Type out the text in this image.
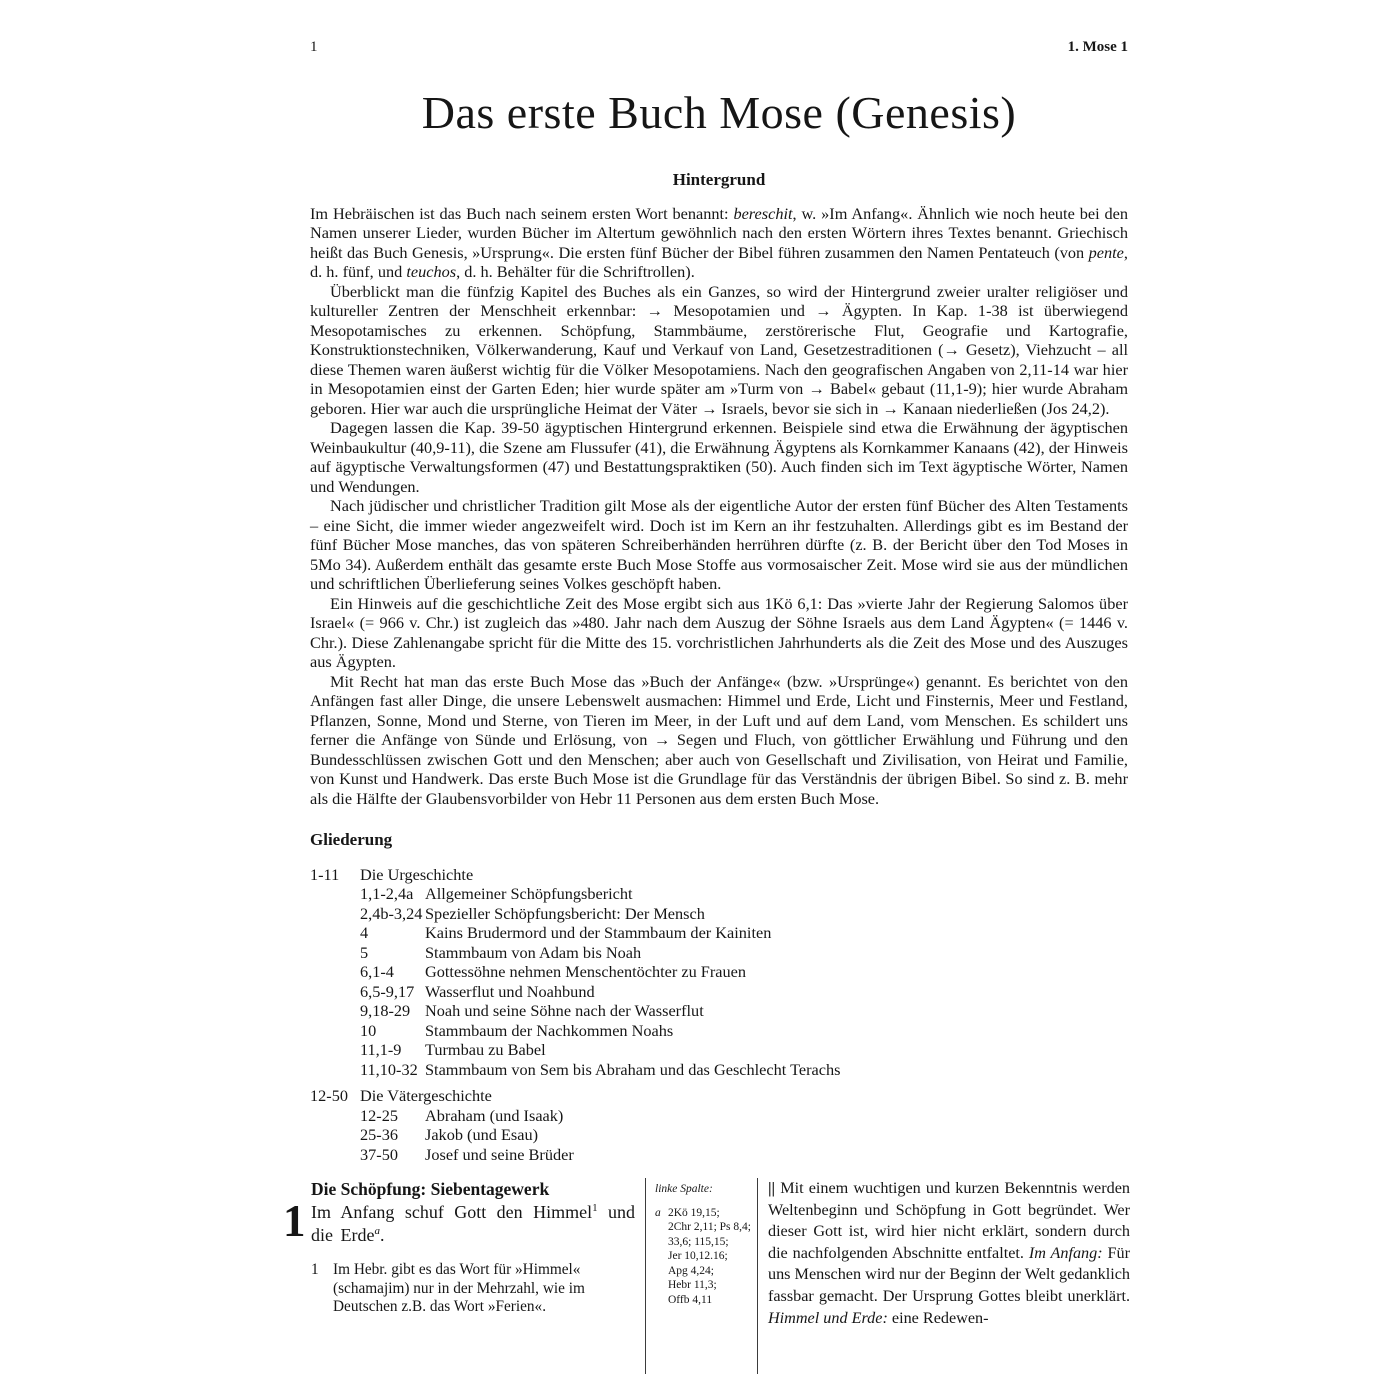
1	1. Mose 1
Das erste Buch Mose (Genesis)
Hintergrund

Im Hebräischen ist das Buch nach seinem ersten Wort benannt: bereschit, w. »Im Anfang«. Ähnlich wie noch heute bei den Namen unserer Lieder, wurden Bücher im Altertum gewöhnlich nach den ersten Wörtern ihres Textes benannt. Griechisch heißt das Buch Genesis, »Ursprung«. Die ersten fünf Bücher der Bibel führen zusammen den Namen Pentateuch (von pente, d. h. fünf, und teuchos, d. h. Behälter für die Schriftrollen).

Überblickt man die fünfzig Kapitel des Buches als ein Ganzes, so wird der Hintergrund zweier uralter religiöser und kultureller Zentren der Menschheit erkennbar: → Mesopotamien und → Ägypten. In Kap. 1-38 ist überwiegend Mesopotamisches zu erkennen. Schöpfung, Stammbäume, zerstörerische Flut, Geografie und Kartografie, Konstruktionstechniken, Völkerwanderung, Kauf und Verkauf von Land, Gesetzestraditionen (→ Gesetz), Viehzucht – all diese Themen waren äußerst wichtig für die Völker Mesopotamiens. Nach den geografischen Angaben von 2,11-14 war hier in Mesopotamien einst der Garten Eden; hier wurde später am »Turm von → Babel« gebaut (11,1-9); hier wurde Abraham geboren. Hier war auch die ursprüngliche Heimat der Väter → Israels, bevor sie sich in → Kanaan niederließen (Jos 24,2).

Dagegen lassen die Kap. 39-50 ägyptischen Hintergrund erkennen. Beispiele sind etwa die Erwähnung der ägyptischen Weinbaukultur (40,9-11), die Szene am Flussufer (41), die Erwähnung Ägyptens als Kornkammer Kanaans (42), der Hinweis auf ägyptische Verwaltungsformen (47) und Bestattungspraktiken (50). Auch finden sich im Text ägyptische Wörter, Namen und Wendungen.

Nach jüdischer und christlicher Tradition gilt Mose als der eigentliche Autor der ersten fünf Bücher des Alten Testaments – eine Sicht, die immer wieder angezweifelt wird. Doch ist im Kern an ihr festzuhalten. Allerdings gibt es im Bestand der fünf Bücher Mose manches, das von späteren Schreiberhänden herrühren dürfte (z. B. der Bericht über den Tod Moses in 5Mo 34). Außerdem enthält das gesamte erste Buch Mose Stoffe aus vormosaischer Zeit. Mose wird sie aus der mündlichen und schriftlichen Überlieferung seines Volkes geschöpft haben.

Ein Hinweis auf die geschichtliche Zeit des Mose ergibt sich aus 1Kö 6,1: Das »vierte Jahr der Regierung Salomos über Israel« (= 966 v. Chr.) ist zugleich das »480. Jahr nach dem Auszug der Söhne Israels aus dem Land Ägypten« (= 1446 v. Chr.). Diese Zahlenangabe spricht für die Mitte des 15. vorchristlichen Jahrhunderts als die Zeit des Mose und des Auszuges aus Ägypten.

Mit Recht hat man das erste Buch Mose das »Buch der Anfänge« (bzw. »Ursprünge«) genannt. Es berichtet von den Anfängen fast aller Dinge, die unsere Lebenswelt ausmachen: Himmel und Erde, Licht und Finsternis, Meer und Festland, Pflanzen, Sonne, Mond und Sterne, von Tieren im Meer, in der Luft und auf dem Land, vom Menschen. Es schildert uns ferner die Anfänge von Sünde und Erlösung, von → Segen und Fluch, von göttlicher Erwählung und Führung und den Bundesschlüssen zwischen Gott und den Menschen; aber auch von Gesellschaft und Zivilisation, von Heirat und Familie, von Kunst und Handwerk. Das erste Buch Mose ist die Grundlage für das Verständnis der übrigen Bibel. So sind z. B. mehr als die Hälfte der Glaubensvorbilder von Hebr 11 Personen aus dem ersten Buch Mose.

Gliederung
1-11	Die Urgeschichte
1,1-2,4a Allgemeiner Schöpfungsbericht
2,4b-3,24 Spezieller Schöpfungsbericht: Der Mensch
4	Kains Brudermord und der Stammbaum der Kainiten
5	Stammbaum von Adam bis Noah
6,1-4	Gottessöhne nehmen Menschentöchter zu Frauen
6,5-9,17 Wasserflut und Noahbund
9,18-29 Noah und seine Söhne nach der Wasserflut
10	Stammbaum der Nachkommen Noahs
11,1-9	Turmbau zu Babel
11,10-32 Stammbaum von Sem bis Abraham und das Geschlecht Terachs
12-50 Die Vätergeschichte
12-25	Abraham (und Isaak)
25-36	Jakob (und Esau)
37-50	Josef und seine Brüder
1
Die Schöpfung: Siebentagewerk

Im Anfang schuf Gott den Himmel$^1$ und die Erde$^a$.

1 Im Hebr. gibt es das Wort für »Himmel« (schamajim) nur in der Mehrzahl, wie im Deutschen z.B. das Wort »Ferien«.
linke Spalte:
a 2Kö 19,15;
2Chr 2,11; Ps 8,4;
33,6; 115,15;
Jer 10,12.16;
Apg 4,24;
Hebr 11,3;
Offb 4,11

|| Mit einem wuchtigen und kurzen Bekenntnis werden Weltenbeginn und Schöpfung in Gott begründet. Wer dieser Gott ist, wird hier nicht erklärt, sondern durch die nachfolgenden Abschnitte entfaltet. Im Anfang: Für uns Menschen wird nur der Beginn der Welt gedanklich fassbar gemacht. Der Ursprung Gottes bleibt unerklärt. Himmel und Erde: eine Redewen-
